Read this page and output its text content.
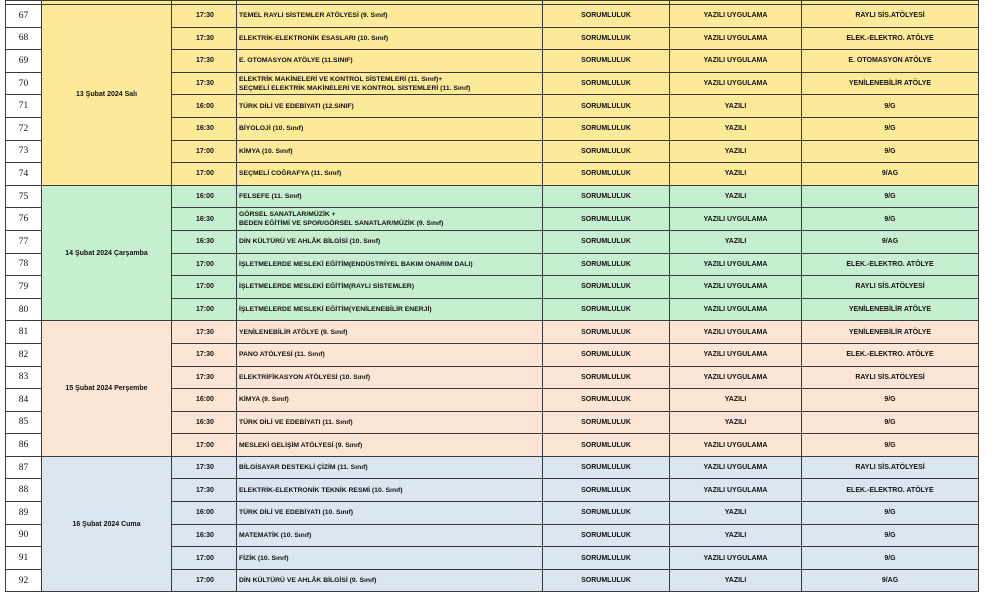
67	13 Şubat 2024 Salı	17:30	TEMEL RAYLI SİSTEMLER ATÖLYESİ (9. Sınıf)	SORUMLULUK	YAZILI UYGULAMA	RAYLI SİS.ATÖLYESİ
68		17:30	ELEKTRİK-ELEKTRONİK ESASLARI (10. Sınıf)	SORUMLULUK	YAZILI UYGULAMA	ELEK.-ELEKTRO. ATÖLYE
69		17:30	E. OTOMASYON ATÖLYE (11.SINIF)	SORUMLULUK	YAZILI UYGULAMA	E. OTOMASYON ATÖLYE
70		17:30	ELEKTRİK MAKİNELERİ VE KONTROL SİSTEMLERİ (11. Sınıf)+
SEÇMELİ ELEKTRİK MAKİNELERİ VE KONTROL SİSTEMLERİ (11. Sınıf)	SORUMLULUK	YAZILI UYGULAMA	YENİLENEBİLİR ATÖLYE
71		16:00	TÜRK DİLİ VE EDEBİYATI (12.SINIF)	SORUMLULUK	YAZILI	9/G
72		16:30	BİYOLOJİ (10. Sınıf)	SORUMLULUK	YAZILI	9/G
73		17:00	KİMYA (10. Sınıf)	SORUMLULUK	YAZILI	9/G
74		17:00	SEÇMELİ COĞRAFYA (11. Sınıf)	SORUMLULUK	YAZILI	9/AG
75	14 Şubat 2024 Çarşamba	16:00	FELSEFE (11. Sınıf)	SORUMLULUK	YAZILI	9/G
76		16:30	GÖRSEL SANATLAR/MÜZİK +
BEDEN EĞİTİMİ VE SPOR/GÖRSEL SANATLAR/MÜZİK (9. Sınıf)	SORUMLULUK	YAZILI UYGULAMA	9/G
77		16:30	DİN KÜLTÜRÜ VE AHLÂK BİLGİSİ (10. Sınıf)	SORUMLULUK	YAZILI	9/AG
78		17:00	İŞLETMELERDE MESLEKİ EĞİTİM(ENDÜSTRİYEL BAKIM ONARIM DALI)	SORUMLULUK	YAZILI UYGULAMA	ELEK.-ELEKTRO. ATÖLYE
79		17:00	İŞLETMELERDE MESLEKİ EĞİTİM(RAYLI SİSTEMLER)	SORUMLULUK	YAZILI UYGULAMA	RAYLI SİS.ATÖLYESİ
80		17:00	İŞLETMELERDE MESLEKİ EĞİTİM(YENİLENEBİLİR ENERJİ)	SORUMLULUK	YAZILI UYGULAMA	YENİLENEBİLİR ATÖLYE
81	15 Şubat 2024 Perşembe	17:30	YENİLENEBİLİR ATÖLYE (9. Sınıf)	SORUMLULUK	YAZILI UYGULAMA	YENİLENEBİLİR ATÖLYE
82		17:30	PANO ATÖLYESİ (11. Sınıf)	SORUMLULUK	YAZILI UYGULAMA	ELEK.-ELEKTRO. ATÖLYE
83		17:30	ELEKTRİFİKASYON ATÖLYESİ (10. Sınıf)	SORUMLULUK	YAZILI UYGULAMA	RAYLI SİS.ATÖLYESİ
84		16:00	KİMYA (9. Sınıf)	SORUMLULUK	YAZILI	9/G
85		16:30	TÜRK DİLİ VE EDEBİYATI (11. Sınıf)	SORUMLULUK	YAZILI	9/G
86		17:00	MESLEKİ GELİŞİM ATÖLYESİ (9. Sınıf)	SORUMLULUK	YAZILI UYGULAMA	9/G
87	16 Şubat 2024 Cuma	17:30	BİLGİSAYAR DESTEKLİ ÇİZİM (11. Sınıf)	SORUMLULUK	YAZILI UYGULAMA	RAYLI SİS.ATÖLYESİ
88		17:30	ELEKTRİK-ELEKTRONİK TEKNİK RESMİ (10. Sınıf)	SORUMLULUK	YAZILI UYGULAMA	ELEK.-ELEKTRO. ATÖLYE
89		16:00	TÜRK DİLİ VE EDEBİYATI (10. Sınıf)	SORUMLULUK	YAZILI	9/G
90		16:30	MATEMATİK (10. Sınıf)	SORUMLULUK	YAZILI	9/G
91		17:00	FİZİK (10. Sınıf)	SORUMLULUK	YAZILI UYGULAMA	9/G
92		17:00	DİN KÜLTÜRÜ VE AHLÂK BİLGİSİ (9. Sınıf)	SORUMLULUK	YAZILI	9/AG
